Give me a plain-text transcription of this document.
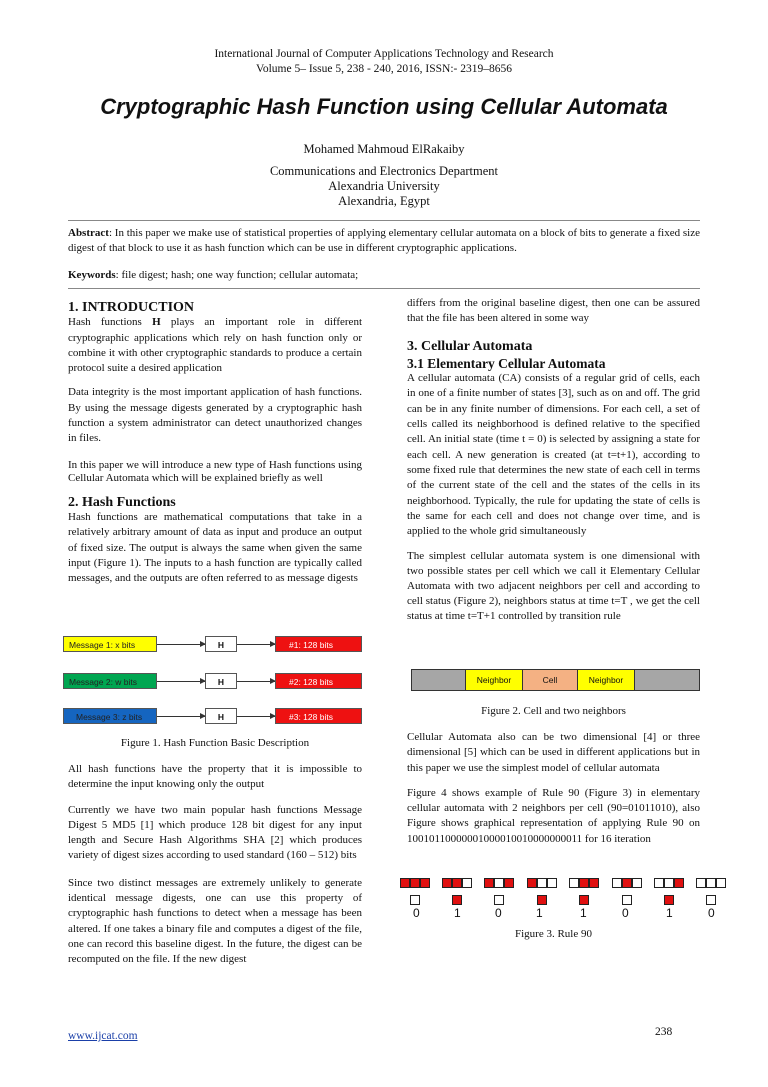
International Journal of Computer Applications Technology and Research
Volume 5– Issue 5, 238 - 240, 2016, ISSN:- 2319–8656
Cryptographic Hash Function using Cellular Automata
Mohamed Mahmoud ElRakaiby
Communications and Electronics Department
Alexandria University
Alexandria, Egypt
Abstract: In this paper we make use of statistical properties of applying elementary cellular automata on a block of bits to generate a fixed size digest of that block to use it as hash function which can be use in different cryptographic applications.
Keywords: file digest; hash; one way function; cellular automata;
1. INTRODUCTION

Hash functions H plays an important role in different cryptographic applications which rely on hash function only or combine it with other cryptographic standards to produce a certain protocol suite a desired application

Data integrity is the most important application of hash functions. By using the message digests generated by a cryptographic hash function a system administrator can detect unauthorized changes in files.

In this paper we will introduce a new type of Hash functions using Cellular Automata which will be explained briefly as well

2. Hash Functions

Hash functions are mathematical computations that take in a relatively arbitrary amount of data as input and produce an output of fixed size. The output is always the same when given the same input (Figure 1). The inputs to a hash function are typically called messages, and the outputs are often referred to as message digests

Message 1: x bits	H	#1: 128 bits
Message 2: w bits	H	#2: 128 bits
Message 3: z bits	H	#3: 128 bits
Figure 1. Hash Function Basic Description

All hash functions have the property that it is impossible to determine the input knowing only the output

Currently we have two main popular hash functions Message Digest 5 MD5 [1] which produce 128 bit digest for any input length and Secure Hash Algorithms SHA [2] which produces variety of digest sizes according to used standard (160 – 512) bits

Since two distinct messages are extremely unlikely to generate identical message digests, one can use this property of cryptographic hash functions to detect when a message has been altered. If one takes a binary file and computes a digest of the file, one can record this baseline digest. In the future, the digest can be recomputed on the file. If the new digest

differs from the original baseline digest, then one can be assured that the file has been altered in some way

3. Cellular Automata
3.1 Elementary Cellular Automata

A cellular automata (CA) consists of a regular grid of cells, each in one of a finite number of states [3], such as on and off. The grid can be in any finite number of dimensions. For each cell, a set of cells called its neighborhood is defined relative to the specified cell. An initial state (time t = 0) is selected by assigning a state for each cell. A new generation is created (at t=t+1), according to some fixed rule that determines the new state of each cell in terms of the current state of the cell and the states of the cells in its neighborhood. Typically, the rule for updating the state of cells is the same for each cell and does not change over time, and is applied to the whole grid simultaneously

The simplest cellular automata system is one dimensional with two possible states per cell which we call it Elementary Cellular Automata with two adjacent neighbors per cell and according to cell status (Figure 2), neighbors status at time t=T , we get the cell status at time t=T+1 controlled by transition rule

Neighbor	Cell	Neighbor
Figure 2. Cell and two neighbors

Cellular Automata also can be two dimensional [4] or three dimensional [5] which can be used in different applications but in this paper we use the simplest model of cellular automata

Figure 4 shows example of Rule 90 (Figure 3) in elementary cellular automata with 2 neighbors per cell (90=01011010), also Figure shows graphical representation of applying Rule 90 on 10010110000001000010010000000011 for 16 iteration

0	1	0	1	1	0	1	0
Figure 3. Rule 90
www.ijcat.com	238
